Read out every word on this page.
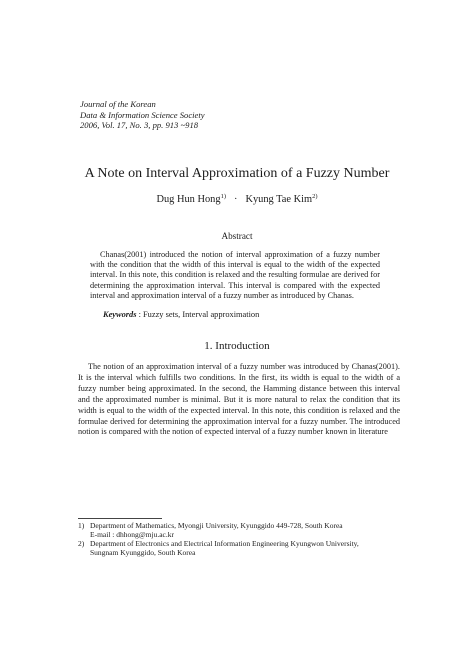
Journal of the Korean
Data & Information Science Society
2006, Vol. 17, No. 3, pp. 913 ~918
A Note on Interval Approximation of a Fuzzy Number
Dug Hun Hong$^{1)}$ · Kyung Tae Kim$^{2)}$
Abstract

Chanas(2001) introduced the notion of interval approximation of a fuzzy number with the condition that the width of this interval is equal to the width of the expected interval. In this note, this condition is relaxed and the resulting formulae are derived for determining the approximation interval. This interval is compared with the expected interval and approximation interval of a fuzzy number as introduced by Chanas.

Keywords : Fuzzy sets, Interval approximation
1. Introduction

The notion of an approximation interval of a fuzzy number was introduced by Chanas(2001). It is the interval which fulfills two conditions. In the first, its width is equal to the width of a fuzzy number being approximated. In the second, the Hamming distance between this interval and the approximated number is minimal. But it is more natural to relax the condition that its width is equal to the width of the expected interval. In this note, this condition is relaxed and the formulae derived for determining the approximation interval for a fuzzy number. The introduced notion is compared with the notion of expected interval of a fuzzy number known in literature

1) Department of Mathematics, Myongji University, Kyunggido 449-728, South Korea
E-mail : dhhong@mju.ac.kr
2) Department of Electronics and Electrical Information Engineering Kyungwon University,
Sungnam Kyunggido, South Korea
